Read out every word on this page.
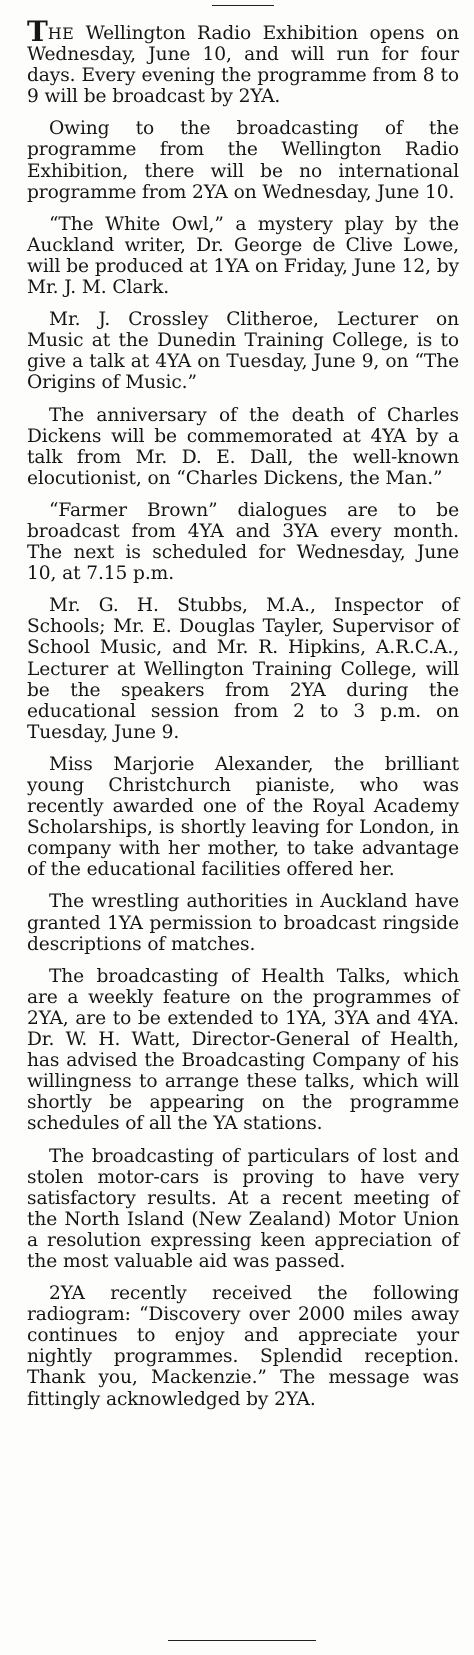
THE Wellington Radio Exhibition opens on Wednesday, June 10, and will run for four days. Every evening the programme from 8 to 9 will be broadcast by 2YA.

Owing to the broadcasting of the programme from the Wellington Radio Exhibition, there will be no international programme from 2YA on Wednesday, June 10.

“The White Owl,” a mystery play by the Auckland writer, Dr. George de Clive Lowe, will be produced at 1YA on Friday, June 12, by Mr. J. M. Clark.

Mr. J. Crossley Clitheroe, Lecturer on Music at the Dunedin Training College, is to give a talk at 4YA on Tuesday, June 9, on “The Origins of Music.”

The anniversary of the death of Charles Dickens will be commemorated at 4YA by a talk from Mr. D. E. Dall, the well-known elocutionist, on “Charles Dickens, the Man.”

“Farmer Brown” dialogues are to be broadcast from 4YA and 3YA every month. The next is scheduled for Wednesday, June 10, at 7.15 p.m.

Mr. G. H. Stubbs, M.A., Inspector of Schools; Mr. E. Douglas Tayler, Supervisor of School Music, and Mr. R. Hipkins, A.R.C.A., Lecturer at Wellington Training College, will be the speakers from 2YA during the educational session from 2 to 3 p.m. on Tuesday, June 9.

Miss Marjorie Alexander, the brilliant young Christchurch pianiste, who was recently awarded one of the Royal Academy Scholarships, is shortly leaving for London, in company with her mother, to take advantage of the educational facilities offered her.

The wrestling authorities in Auckland have granted 1YA permission to broadcast ringside descriptions of matches.

The broadcasting of Health Talks, which are a weekly feature on the programmes of 2YA, are to be extended to 1YA, 3YA and 4YA. Dr. W. H. Watt, Director-General of Health, has advised the Broadcasting Company of his willingness to arrange these talks, which will shortly be appearing on the programme schedules of all the YA stations.

The broadcasting of particulars of lost and stolen motor-cars is proving to have very satisfactory results. At a recent meeting of the North Island (New Zealand) Motor Union a resolution expressing keen appreciation of the most valuable aid was passed.

2YA recently received the following radiogram: “Discovery over 2000 miles away continues to enjoy and appreciate your nightly programmes. Splendid reception. Thank you, Mackenzie.” The message was fittingly acknowledged by 2YA.
